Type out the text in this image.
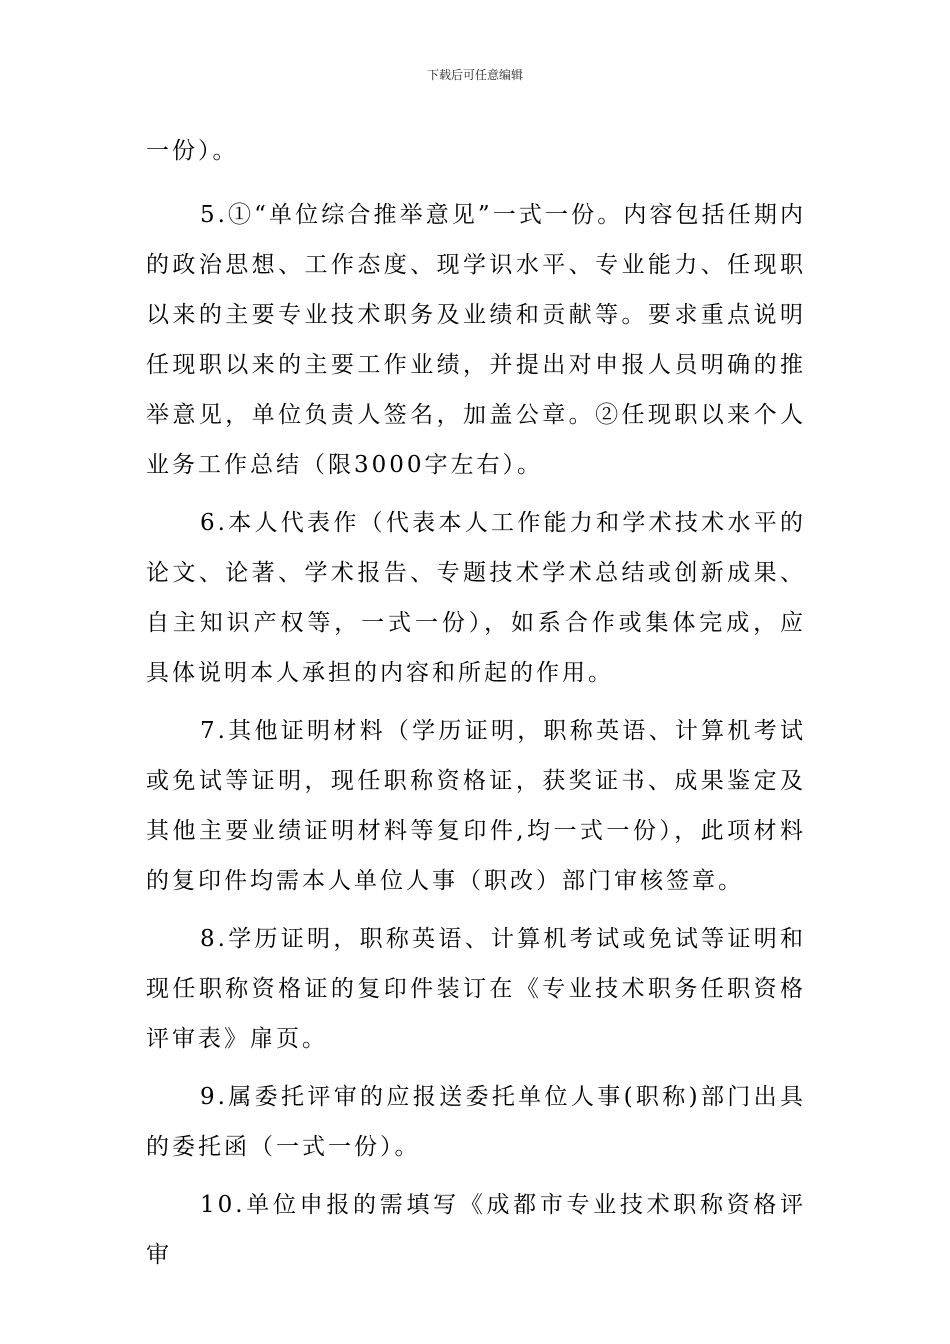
下载后可任意编辑

一份）。

5.①“单位综合推举意见”一式一份。内容包括任期内的政治思想、工作态度、现学识水平、专业能力、任现职以来的主要专业技术职务及业绩和贡献等。要求重点说明任现职以来的主要工作业绩，并提出对申报人员明确的推举意见，单位负责人签名，加盖公章。②任现职以来个人业务工作总结（限3000字左右）。

6.本人代表作（代表本人工作能力和学术技术水平的论文、论著、学术报告、专题技术学术总结或创新成果、自主知识产权等，一式一份），如系合作或集体完成，应具体说明本人承担的内容和所起的作用。

7.其他证明材料（学历证明，职称英语、计算机考试或免试等证明，现任职称资格证，获奖证书、成果鉴定及其他主要业绩证明材料等复印件,均一式一份），此项材料的复印件均需本人单位人事（职改）部门审核签章。

8.学历证明，职称英语、计算机考试或免试等证明和现任职称资格证的复印件装订在《专业技术职务任职资格评审表》扉页。

9.属委托评审的应报送委托单位人事(职称)部门出具的委托函（一式一份）。

10.单位申报的需填写《成都市专业技术职称资格评审
